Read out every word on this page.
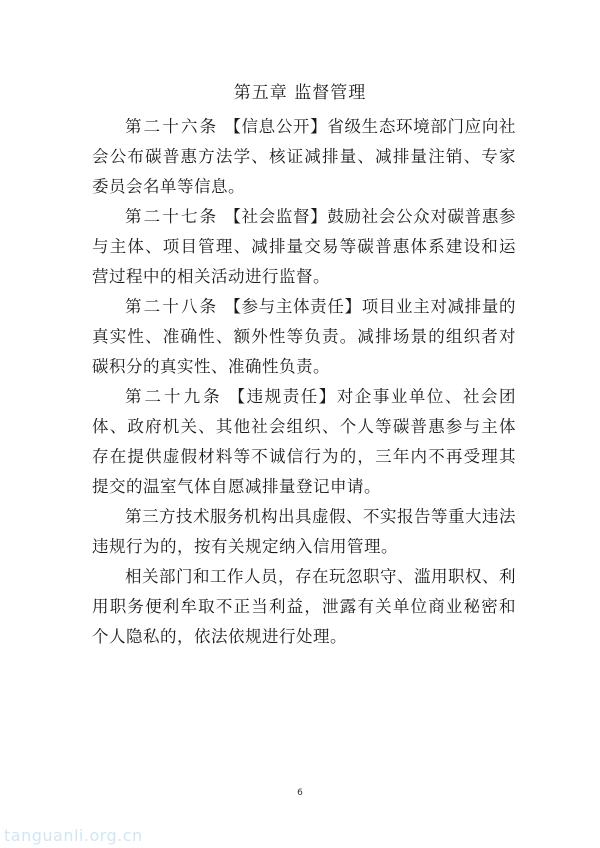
第五章 监督管理

第二十六条 【信息公开】省级生态环境部门应向社会公布碳普惠方法学、核证减排量、减排量注销、专家委员会名单等信息。

第二十七条 【社会监督】鼓励社会公众对碳普惠参与主体、项目管理、减排量交易等碳普惠体系建设和运营过程中的相关活动进行监督。

第二十八条 【参与主体责任】项目业主对减排量的真实性、准确性、额外性等负责。减排场景的组织者对碳积分的真实性、准确性负责。

第二十九条 【违规责任】对企事业单位、社会团体、政府机关、其他社会组织、个人等碳普惠参与主体存在提供虚假材料等不诚信行为的，三年内不再受理其提交的温室气体自愿减排量登记申请。

第三方技术服务机构出具虚假、不实报告等重大违法违规行为的，按有关规定纳入信用管理。

相关部门和工作人员，存在玩忽职守、滥用职权、利用职务便利牟取不正当利益，泄露有关单位商业秘密和个人隐私的，依法依规进行处理。

6
tanguanli.org.cn
